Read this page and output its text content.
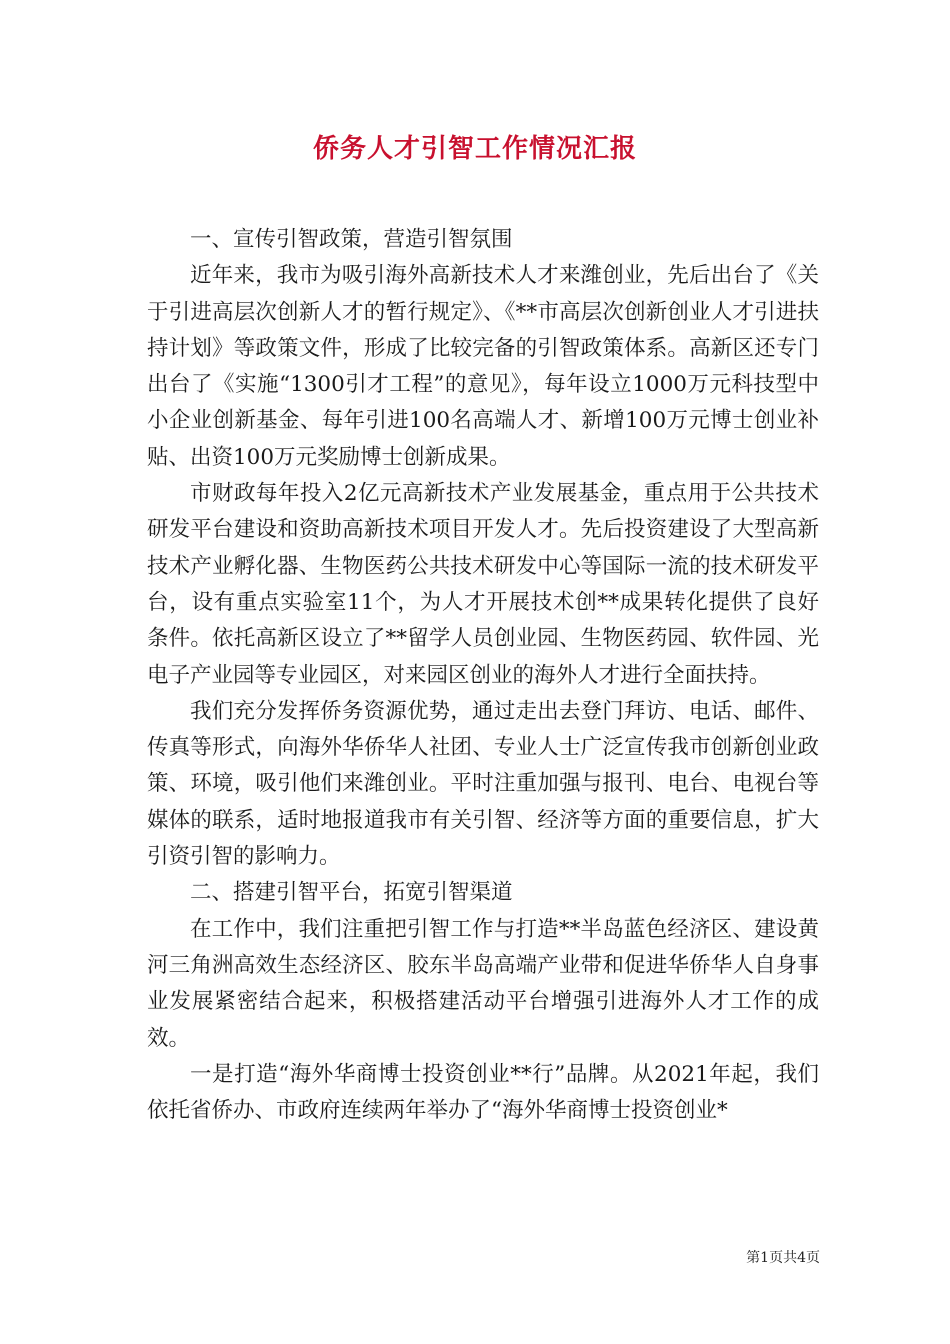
侨务人才引智工作情况汇报

一、宣传引智政策，营造引智氛围

近年来，我市为吸引海外高新技术人才来潍创业，先后出台了《关于引进高层次创新人才的暂行规定》、《**市高层次创新创业人才引进扶持计划》等政策文件，形成了比较完备的引智政策体系。高新区还专门出台了《实施“1300引才工程”的意见》，每年设立1000万元科技型中小企业创新基金、每年引进100名高端人才、新增100万元博士创业补贴、出资100万元奖励博士创新成果。

市财政每年投入2亿元高新技术产业发展基金，重点用于公共技术研发平台建设和资助高新技术项目开发人才。先后投资建设了大型高新技术产业孵化器、生物医药公共技术研发中心等国际一流的技术研发平台，设有重点实验室11个，为人才开展技术创**成果转化提供了良好条件。依托高新区设立了**留学人员创业园、生物医药园、软件园、光电子产业园等专业园区，对来园区创业的海外人才进行全面扶持。

我们充分发挥侨务资源优势，通过走出去登门拜访、电话、邮件、传真等形式，向海外华侨华人社团、专业人士广泛宣传我市创新创业政策、环境，吸引他们来潍创业。平时注重加强与报刊、电台、电视台等媒体的联系，适时地报道我市有关引智、经济等方面的重要信息，扩大引资引智的影响力。

二、搭建引智平台，拓宽引智渠道

在工作中，我们注重把引智工作与打造**半岛蓝色经济区、建设黄河三角洲高效生态经济区、胶东半岛高端产业带和促进华侨华人自身事业发展紧密结合起来，积极搭建活动平台增强引进海外人才工作的成效。

一是打造“海外华商博士投资创业**行”品牌。从2021年起，我们依托省侨办、市政府连续两年举办了“海外华商博士投资创业*

第1页共4页
